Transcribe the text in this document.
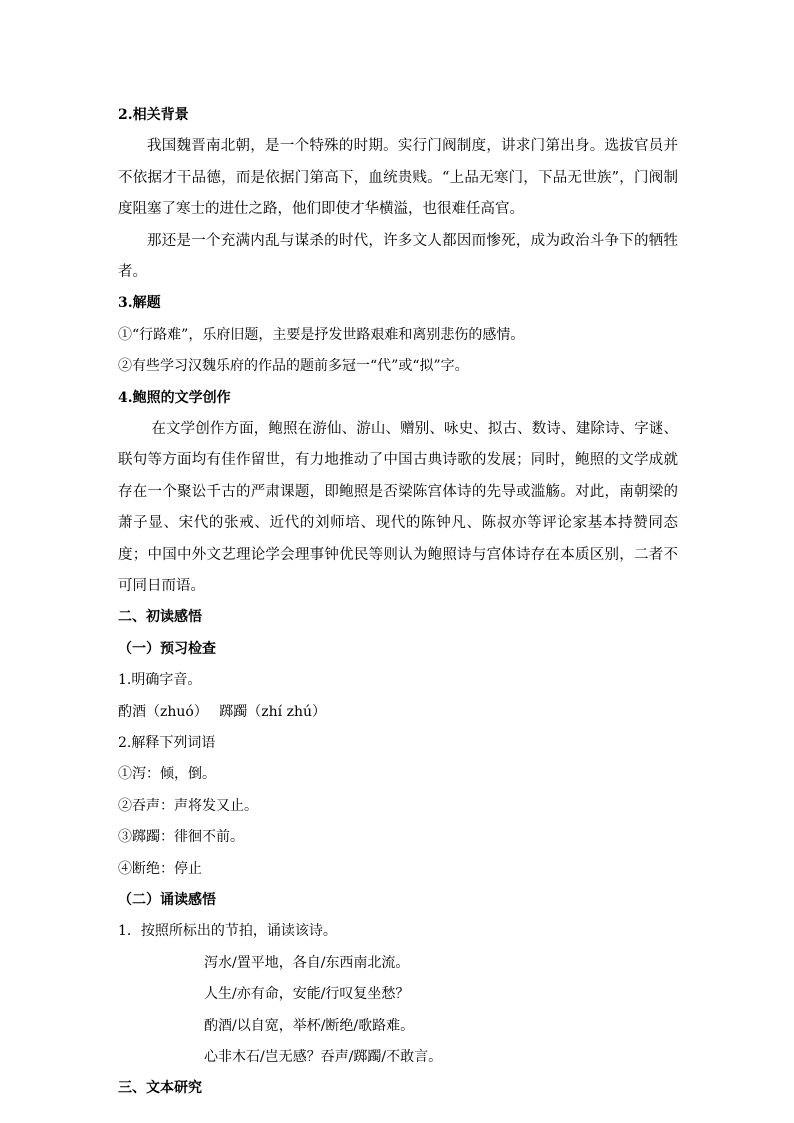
2.相关背景

我国魏晋南北朝，是一个特殊的时期。实行门阀制度，讲求门第出身。选拔官员并不依据才干品德，而是依据门第高下，血统贵贱。“上品无寒门，下品无世族”，门阀制度阻塞了寒士的进仕之路，他们即使才华横溢，也很难任高官。

那还是一个充满内乱与谋杀的时代，许多文人都因而惨死，成为政治斗争下的牺牲者。

3.解题
①“行路难”，乐府旧题，主要是抒发世路艰难和离别悲伤的感情。
②有些学习汉魏乐府的作品的题前多冠一“代”或“拟”字。
4.鲍照的文学创作

在文学创作方面，鲍照在游仙、游山、赠别、咏史、拟古、数诗、建除诗、字谜、联句等方面均有佳作留世，有力地推动了中国古典诗歌的发展；同时，鲍照的文学成就存在一个聚讼千古的严肃课题，即鲍照是否梁陈宫体诗的先导或滥觞。对此，南朝梁的萧子显、宋代的张戒、近代的刘师培、现代的陈钟凡、陈叔亦等评论家基本持赞同态度；中国中外文艺理论学会理事钟优民等则认为鲍照诗与宫体诗存在本质区别，二者不可同日而语。

二、初读感悟
（一）预习检查
1.明确字音。
酌酒（zhuó）　 踯躅（zhí zhú）
2.解释下列词语
①泻：倾，倒。
②吞声：声将发又止。
③踯躅：徘徊不前。
④断绝：停止
（二）诵读感悟
1．按照所标出的节拍，诵读该诗。
泻水/置平地，各自/东西南北流。
人生/亦有命，安能/行叹复坐愁？
酌酒/以自宽，举杯/断绝/歌路难。
心非木石/岂无感？吞声/踯躅/不敢言。
三、文本研究
